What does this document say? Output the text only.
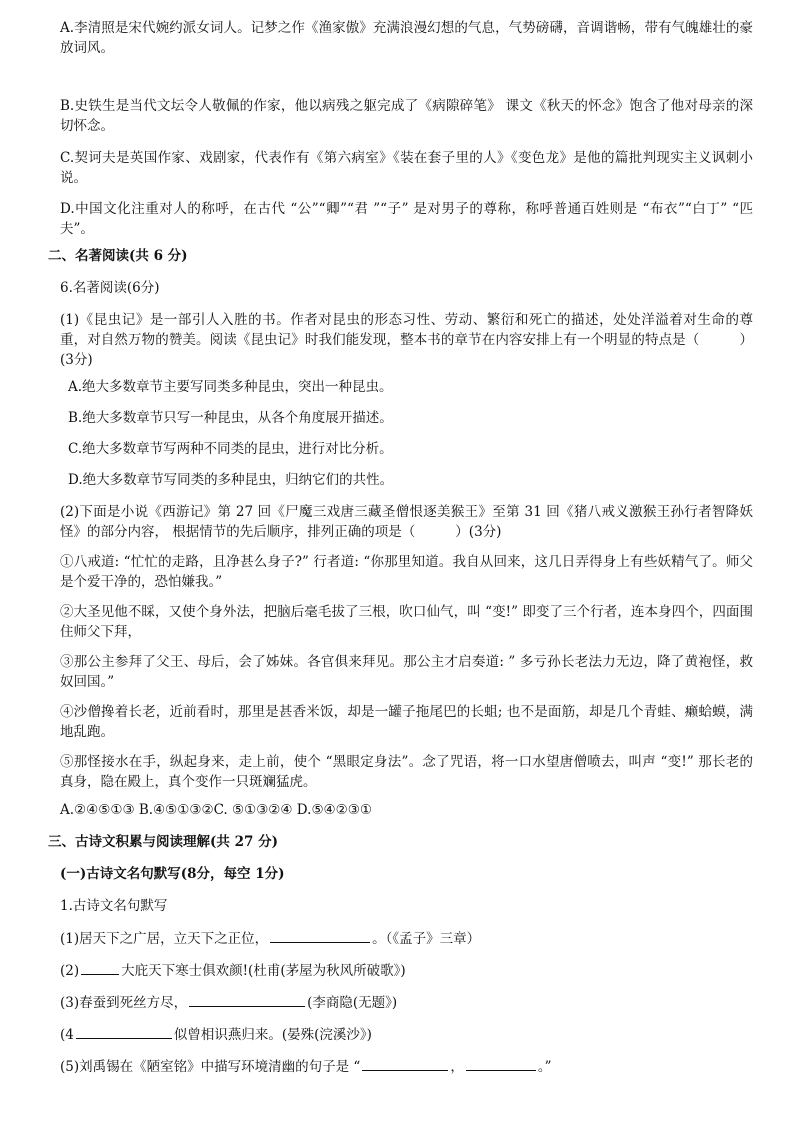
A.李清照是宋代婉约派女词人。记梦之作《渔家傲》充满浪漫幻想的气息，气势磅礴，音调谐畅，带有气魄雄壮的豪放词风。

B.史铁生是当代文坛令人敬佩的作家，他以病残之躯完成了《病隙碎笔》 课文《秋天的怀念》饱含了他对母亲的深切怀念。

C.契诃夫是英国作家、戏剧家，代表作有《第六病室》《装在套子里的人》《变色龙》是他的篇批判现实主义讽刺小说。

D.中国文化注重对人的称呼，在古代 “公”“卿”“君 ”“子” 是对男子的尊称，称呼普通百姓则是 “布衣”“白丁” “匹夫”。

二、名著阅读(共 6 分)

6.名著阅读(6分)

(1)《昆虫记》是一部引人入胜的书。作者对昆虫的形态习性、劳动、繁衍和死亡的描述，处处洋溢着对生命的尊重，对自然万物的赞美。阅读《昆虫记》时我们能发现，整本书的章节在内容安排上有一个明显的特点是（	）(3分)

A.绝大多数章节主要写同类多种昆虫，突出一种昆虫。

B.绝大多数章节只写一种昆虫，从各个角度展开描述。

C.绝大多数章节写两种不同类的昆虫，进行对比分析。

D.绝大多数章节写同类的多种昆虫，归纳它们的共性。

(2)下面是小说《西游记》第 27 回《尸魔三戏唐三藏圣僧恨逐美猴王》至第 31 回《猪八戒义激猴王孙行者智降妖怪》的部分内容， 根据情节的先后顺序，排列正确的项是（	）(3分)

①八戒道: “忙忙的走路，且净甚么身子?” 行者道: “你那里知道。我自从回来，这几日弄得身上有些妖精气了。师父是个爱干净的，恐怕嫌我。”

②大圣见他不睬，又使个身外法，把脑后毫毛拔了三根，吹口仙气，叫 “变!” 即变了三个行者，连本身四个，四面围住师父下拜，

③那公主参拜了父王、母后，会了姊妹。各官俱来拜见。那公主才启奏道: ” 多亏孙长老法力无边，降了黄袍怪，救奴回国。”

④沙僧搀着长老，近前看时，那里是甚香米饭，却是一罐子拖尾巴的长蛆; 也不是面筋，却是几个青蛙、癞蛤蟆，满地乱跑。

⑤那怪接水在手，纵起身来，走上前，使个 “黑眼定身法”。念了咒语，将一口水望唐僧喷去，叫声 “变!” 那长老的真身，隐在殿上，真个变作一只斑斓猛虎。

A.②④⑤①③ B.④⑤①③②C. ⑤①③②④ D.⑤④②③①

三、古诗文积累与阅读理解(共 27 分)

(一)古诗文名句默写(8分，每空 1分)

1.古诗文名句默写

(1)居天下之广居，立天下之正位，	。（《孟子》三章）

(2)	大庇天下寒士俱欢颜!(杜甫(茅屋为秋风所破歌》)

(3)春蚕到死丝方尽，	(李商隐(无题》)

(4	似曾相识燕归来。(晏殊(浣溪沙》)

(5)刘禹锡在《陋室铭》中描写环境清幽的句子是 “	，	。”
